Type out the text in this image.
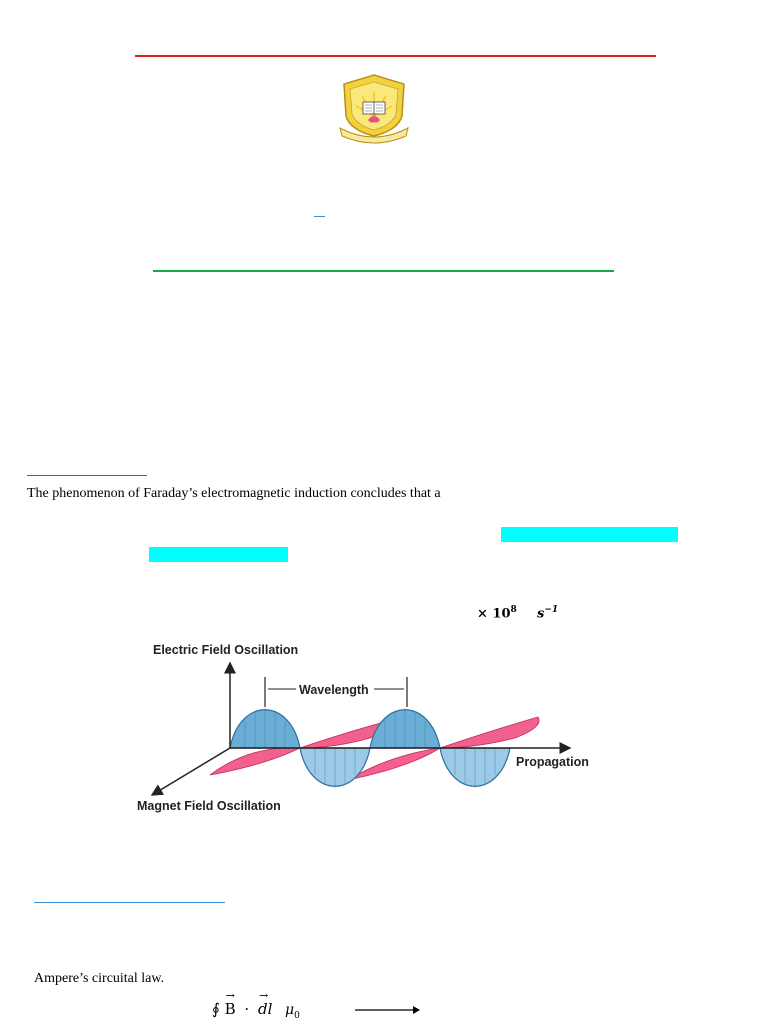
The phenomenon of Faraday’s electromagnetic induction concludes that a
× $10^8$ $s^{-1}$
Electric Field Oscillation
Wavelength
Propagation
Magnet Field Oscillation
Ampere’s circuital law.
∮
→
B ·
→
dl $\mu_0$
